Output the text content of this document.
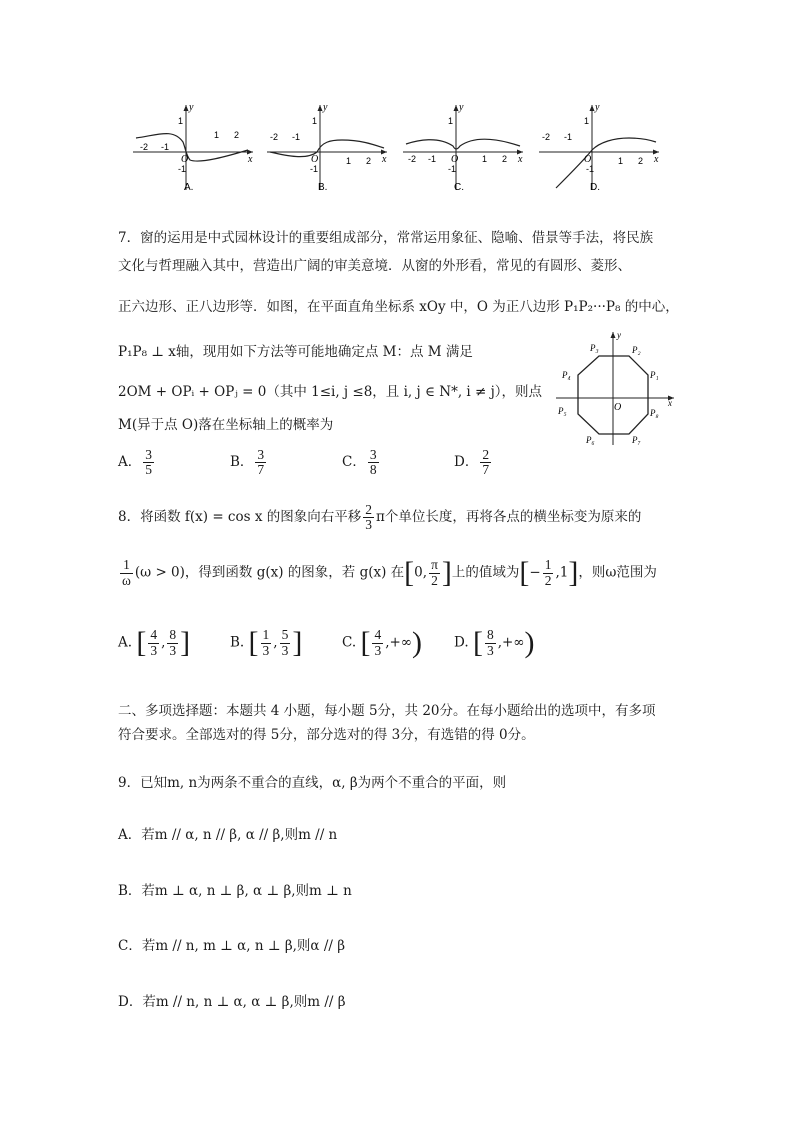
y
x
1
O
-2 -1
1 2
-1
A.
y
x
1
O
-2 -1
1 2
-1
B.
y
x
1
O
-2 -1	1 2
-1
C.
y
x
1
O
-2 -1
1 2
-1
D.
7．窗的运用是中式园林设计的重要组成部分，常常运用象征、隐喻、借景等手法，将民族
文化与哲理融入其中，营造出广阔的审美意境．从窗的外形看，常见的有圆形、菱形、
正六边形、正八边形等．如图，在平面直角坐标系 xOy 中，O 为正八边形 P₁P₂···P₈ 的中心，
P₁P₈ ⊥ x轴，现用如下方法等可能地确定点 M：点 M 满足
2OM + OPᵢ + OPⱼ = 0（其中 1≤i, j ≤8，且 i, j ∈ N*, i ≠ j），则点
M(异于点 O)落在坐标轴上的概率为
P₃	P₂
P₁
P₄
P₅
P₆	P₇
P₈
O	x
y
A． $\frac{3}{5}$	B． $\frac{3}{7}$	C． $\frac{3}{8}$	D． $\frac{2}{7}$
8．将函数 f(x) = cos x 的图象向右平移 $\frac{2}{3}$ π个单位长度，再将各点的横坐标变为原来的
$\frac{1}{\omega} (\omega > 0)$，得到函数 g(x) 的图象，若 g(x) 在[0, $\frac{\pi}{2}$ ]上的值域为[− $\frac{1}{2} ,1$]，则ω范围为
A. [ $\frac{4}{3}$ , $\frac{8}{3}$ ]	B. [ $\frac{1}{3}$ , $\frac{5}{3}$ ]	C. [ $\frac{4}{3}$ ,+∞) D. [ $\frac{8}{3}$ ,+∞)
二、多项选择题：本题共 4 小题，每小题 5分，共 20分。在每小题给出的选项中，有多项
符合要求。全部选对的得 5分，部分选对的得 3分，有选错的得 0分。
9．已知m, n为两条不重合的直线，α, β为两个不重合的平面，则
A．若m // α, n // β, α // β,则m // n
B．若m ⊥ α, n ⊥ β, α ⊥ β,则m ⊥ n
C．若m // n, m ⊥ α, n ⊥ β,则α // β
D．若m // n, n ⊥ α, α ⊥ β,则m // β
